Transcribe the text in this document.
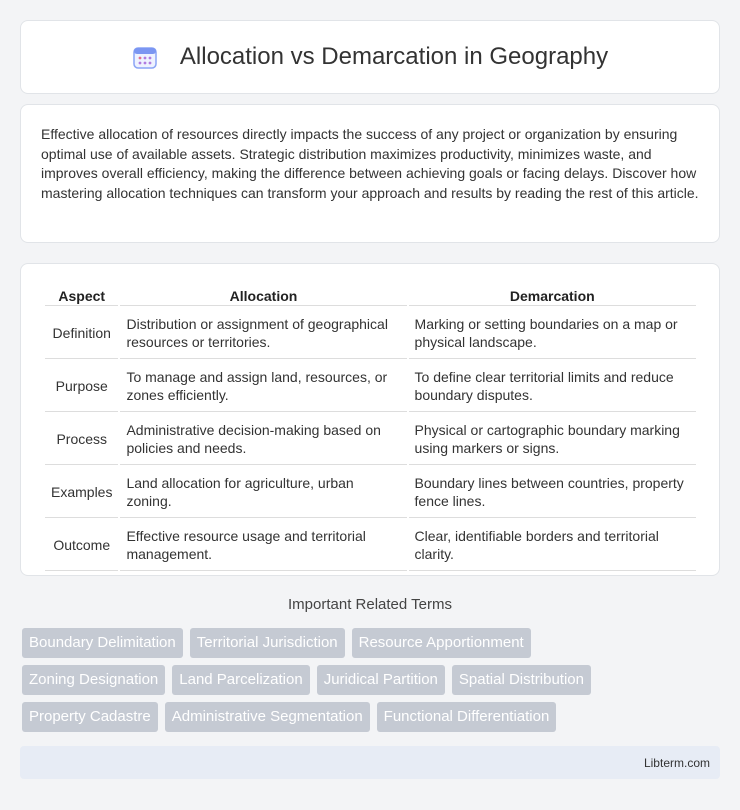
Allocation vs Demarcation in Geography

Effective allocation of resources directly impacts the success of any project or organization by ensuring optimal use of available assets. Strategic distribution maximizes productivity, minimizes waste, and improves overall efficiency, making the difference between achieving goals or facing delays. Discover how mastering allocation techniques can transform your approach and results by reading the rest of this article.

Aspect	Allocation	Demarcation
Definition	Distribution or assignment of geographical resources or territories.	Marking or setting boundaries on a map or physical landscape.
Purpose	To manage and assign land, resources, or zones efficiently.	To define clear territorial limits and reduce boundary disputes.
Process	Administrative decision-making based on policies and needs.	Physical or cartographic boundary marking using markers or signs.
Examples	Land allocation for agriculture, urban zoning.	Boundary lines between countries, property fence lines.
Outcome	Effective resource usage and territorial management.	Clear, identifiable borders and territorial clarity.
Important Related Terms
Boundary Delimitation	Territorial Jurisdiction	Resource Apportionment
Zoning Designation	Land Parcelization	Juridical Partition	Spatial Distribution
Property Cadastre	Administrative Segmentation	Functional Differentiation
Libterm.com
